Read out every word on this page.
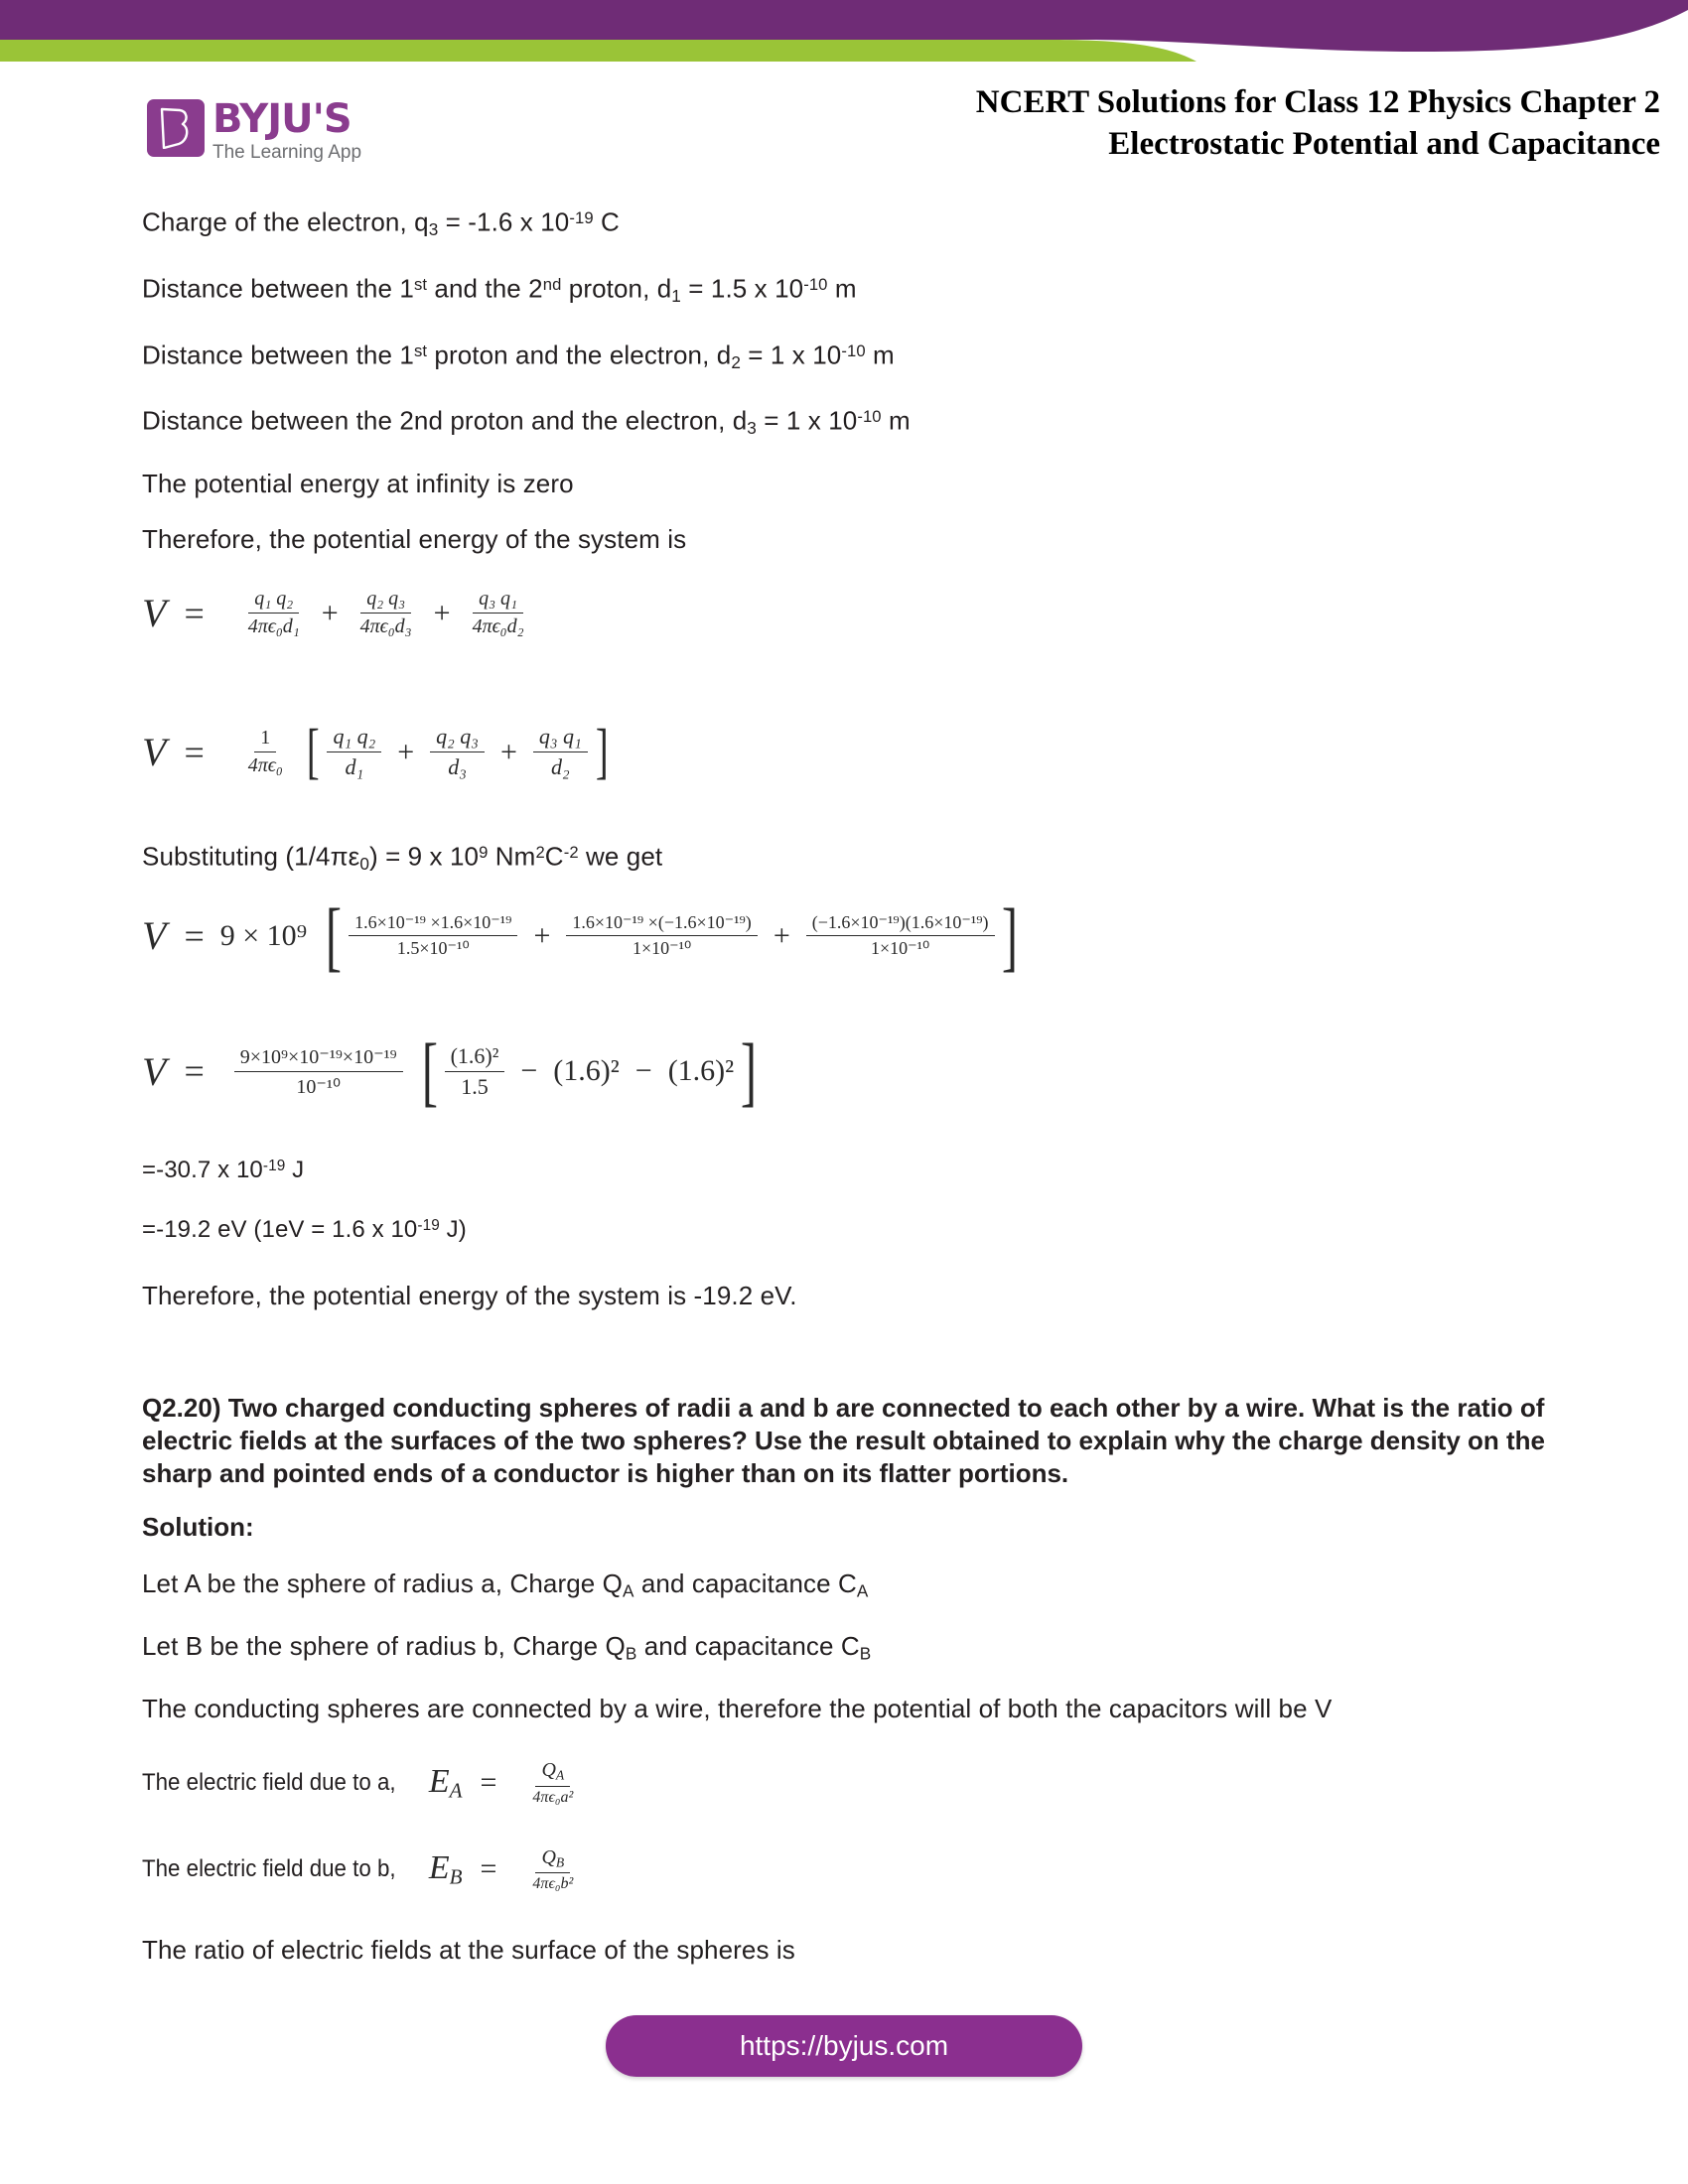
BYJU'S
The Learning App
NCERT Solutions for Class 12 Physics Chapter 2
Electrostatic Potential and Capacitance

Charge of the electron, $q_3 = -1.6$ x $10^{-19}$ C

Distance between the 1st and the 2nd proton, $d_1 = 1.5$ x $10^{-10}$ m

Distance between the 1st proton and the electron, $d_2 = 1$ x $10^{-10}$ m

Distance between the 2nd proton and the electron, $d_3 = 1$ x $10^{-10}$ m

The potential energy at infinity is zero

Therefore, the potential energy of the system is

$V = \frac{\text{q₁ q₂}}{\text{4πϵ₀d₁}} + \frac{\text{q₂ q₃}}{\text{4πϵ₀d₃}} + \frac{\text{q₃ q₁}}{\text{4πϵ₀d₂}}$
$V = \frac{1}{\text{4πϵ₀}}$ [ $\frac{\text{q₁ q₂}}{\text{d₁}} + \frac{\text{q₂ q₃}}{\text{d₃}} + \frac{\text{q₃ q₁}}{\text{d₂}}$ ]

Substituting $(1/4\pi\varepsilon_0) = 9$ x $10^9$ $Nm^2C^{-2}$ we get

V = 9 × 10⁹ [ $\frac{\text{1.6×10⁻¹⁹ ×1.6×10⁻¹⁹}}{\text{1.5×10⁻¹⁰}} + \frac{\text{1.6×10⁻¹⁹ ×(−1.6×10⁻¹⁹)}}{\text{1×10⁻¹⁰}} + \frac{\text{(−1.6×10⁻¹⁹)(1.6×10⁻¹⁹)}}{\text{1×10⁻¹⁰}}$ ]
$V = \frac{\text{9×10⁹×10⁻¹⁹×10⁻¹⁹}}{\text{10⁻¹⁰}}$ [ $\frac{\text{(1.6)²}}{1.5} - (1.6)^2 - (1.6)^2$ ]

=-30.7 x $10^{-19}$ J

=-19.2 eV (1eV = 1.6 x $10^{-19}$ J)

Therefore, the potential energy of the system is -19.2 eV.

Q2.20) Two charged conducting spheres of radii a and b are connected to each other by a wire. What is the ratio of electric fields at the surfaces of the two spheres? Use the result obtained to explain why the charge density on the sharp and pointed ends of a conductor is higher than on its flatter portions.

Solution:

Let A be the sphere of radius a, Charge $Q_A$ and capacitance $C_A$

Let B be the sphere of radius b, Charge $Q_B$ and capacitance $C_B$

The conducting spheres are connected by a wire, therefore the potential of both the capacitors will be V

The electric field due to a, $E_A = \frac{Q_A}{\text{4πϵ₀a²}}$
The electric field due to b, $E_B = \frac{Q_B}{\text{4πϵ₀b²}}$

The ratio of electric fields at the surface of the spheres is

https://byjus.com
